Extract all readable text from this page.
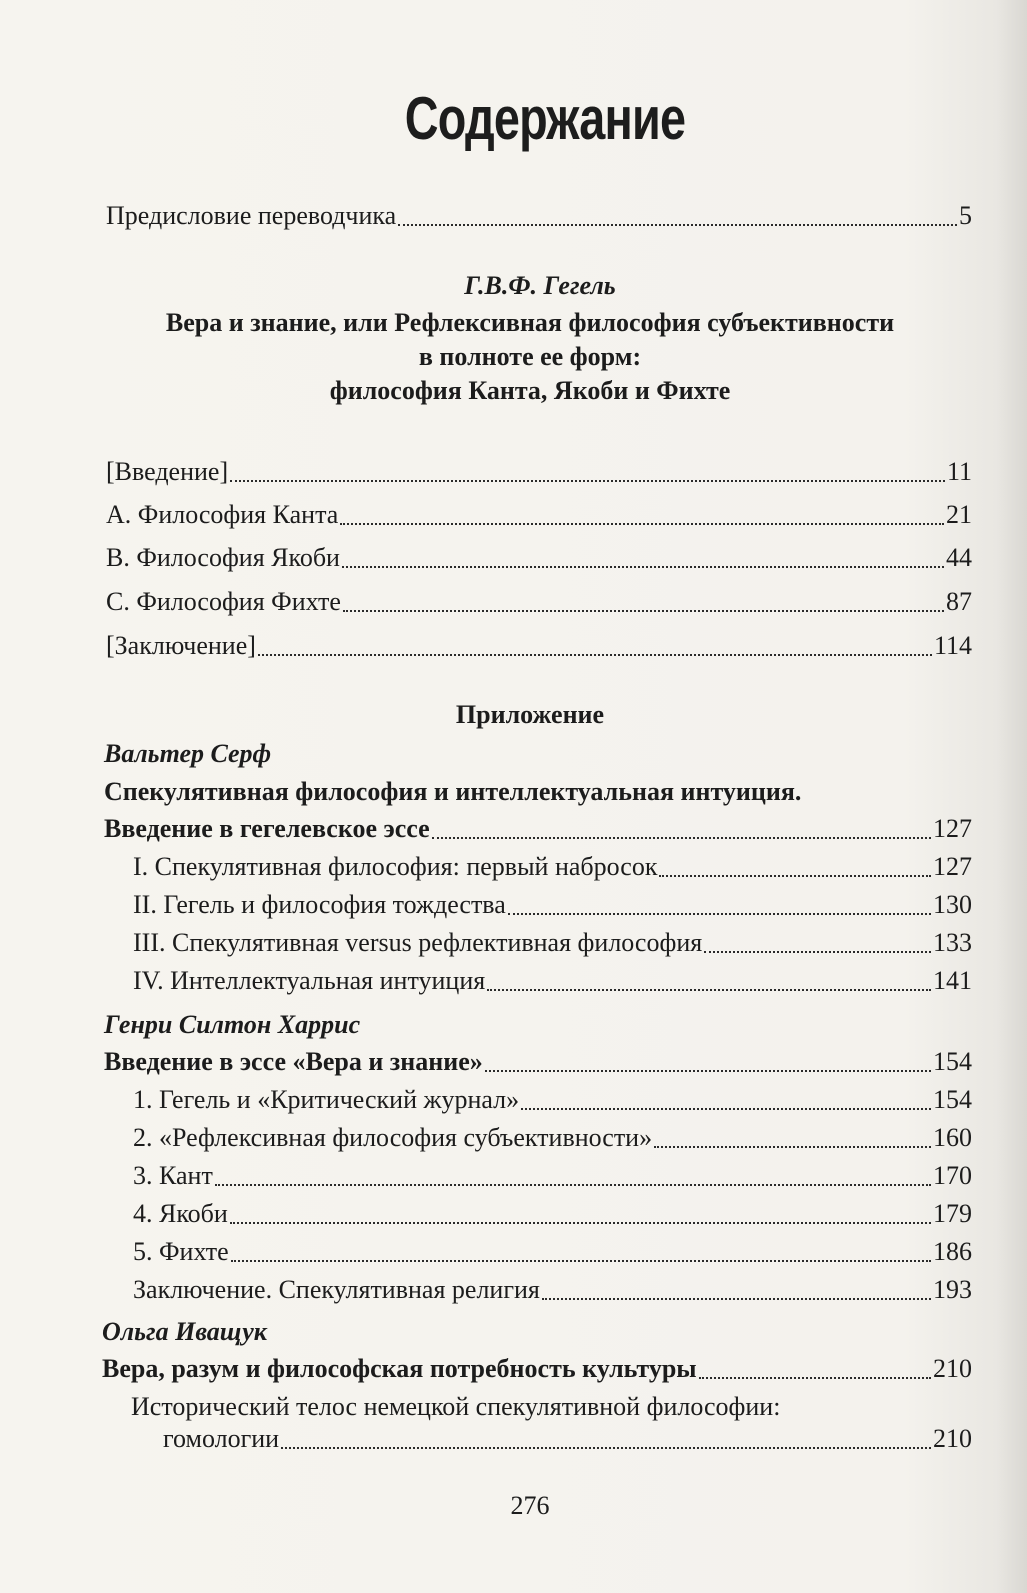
Содержание
Предисловие переводчика	5
Г.В.Ф. Гегель
Вера и знание, или Рефлексивная философия субъективности
в полноте ее форм:
философия Канта, Якоби и Фихте
[Введение]	11
A. Философия Канта	21
B. Философия Якоби	44
C. Философия Фихте	87
[Заключение]	114
Приложение
Вальтер Серф
Спекулятивная философия и интеллектуальная интуиция.
Введение в гегелевское эссе	127
I. Спекулятивная философия: первый набросок	127
II. Гегель и философия тождества	130
III. Спекулятивная versus рефлективная философия	133
IV. Интеллектуальная интуиция	141
Генри Силтон Харрис
Введение в эссе «Вера и знание»	154
1. Гегель и «Критический журнал»	154
2. «Рефлексивная философия субъективности»	160
3. Кант	170
4. Якоби	179
5. Фихте	186
Заключение. Спекулятивная религия	193
Ольга Иващук
Вера, разум и философская потребность культуры	210
Исторический телос немецкой спекулятивной философии:
гомологии	210
276
